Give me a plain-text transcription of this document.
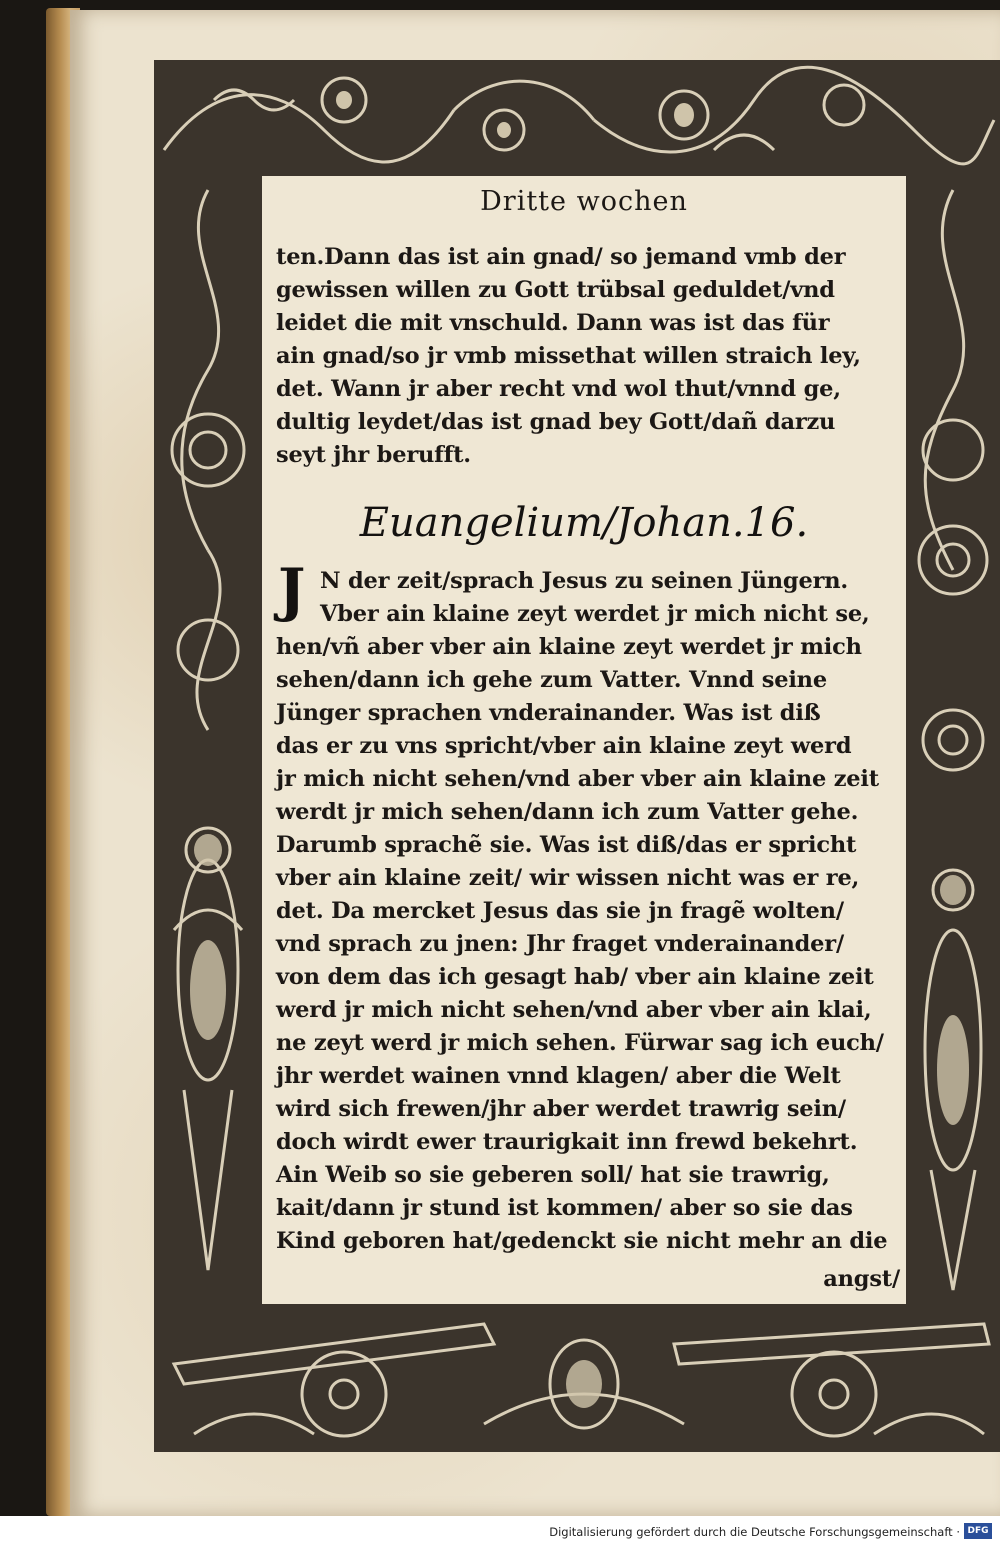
Dritte wochen
ten.Dann das ist ain gnad/ so jemand vmb der
gewissen willen zu Gott trübsal geduldet/vnd
leidet die mit vnschuld. Dann was ist das für
ain gnad/so jr vmb missethat willen straich ley,
det. Wann jr aber recht vnd wol thut/vnnd ge,
dultig leydet/das ist gnad bey Gott/dañ darzu
seyt jhr berufft.
Euangelium/Johan.16.
J N der zeit/sprach Jesus zu seinen Jüngern.
Vber ain klaine zeyt werdet jr mich nicht se,
hen/vñ aber vber ain klaine zeyt werdet jr mich
sehen/dann ich gehe zum Vatter. Vnnd seine
Jünger sprachen vnderainander. Was ist diß
das er zu vns spricht/vber ain klaine zeyt werd
jr mich nicht sehen/vnd aber vber ain klaine zeit
werdt jr mich sehen/dann ich zum Vatter gehe.
Darumb sprachẽ sie. Was ist diß/das er spricht
vber ain klaine zeit/ wir wissen nicht was er re,
det. Da mercket Jesus das sie jn fragẽ wolten/
vnd sprach zu jnen: Jhr fraget vnderainander/
von dem das ich gesagt hab/ vber ain klaine zeit
werd jr mich nicht sehen/vnd aber vber ain klai,
ne zeyt werd jr mich sehen. Fürwar sag ich euch/
jhr werdet wainen vnnd klagen/ aber die Welt
wird sich frewen/jhr aber werdet trawrig sein/
doch wirdt ewer traurigkait inn frewd bekehrt.
Ain Weib so sie geberen soll/ hat sie trawrig,
kait/dann jr stund ist kommen/ aber so sie das
Kind geboren hat/gedenckt sie nicht mehr an die
angst/
Digitalisierung gefördert durch die Deutsche Forschungsgemeinschaft · DFG
